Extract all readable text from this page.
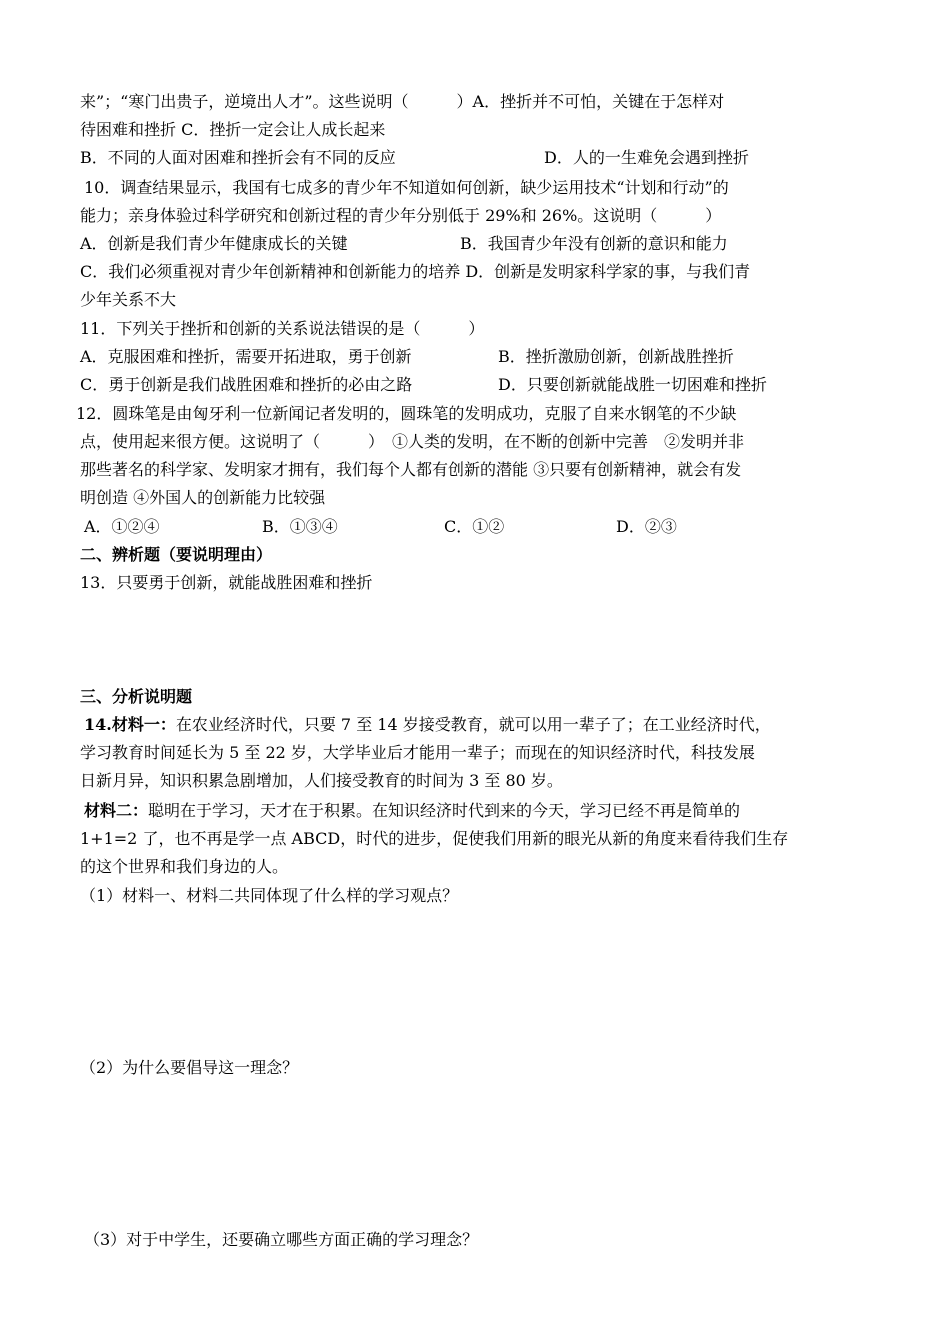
来”；“寒门出贵子，逆境出人才”。这些说明（　　　）A．挫折并不可怕，关键在于怎样对
待困难和挫折 C．挫折一定会让人成长起来
B．不同的人面对困难和挫折会有不同的反应	D．人的一生难免会遇到挫折
10．调查结果显示，我国有七成多的青少年不知道如何创新，缺少运用技术“计划和行动”的
能力；亲身体验过科学研究和创新过程的青少年分别低于 29%和 26%。这说明（　　　）
A．创新是我们青少年健康成长的关键	B．我国青少年没有创新的意识和能力
C．我们必须重视对青少年创新精神和创新能力的培养 D．创新是发明家科学家的事，与我们青
少年关系不大
11．下列关于挫折和创新的关系说法错误的是（　　　）
A．克服困难和挫折，需要开拓进取，勇于创新	B．挫折激励创新，创新战胜挫折
C．勇于创新是我们战胜困难和挫折的必由之路	D．只要创新就能战胜一切困难和挫折
12．圆珠笔是由匈牙利一位新闻记者发明的，圆珠笔的发明成功，克服了自来水钢笔的不少缺
点，使用起来很方便。这说明了（　　　）　①人类的发明，在不断的创新中完善　②发明并非
那些著名的科学家、发明家才拥有，我们每个人都有创新的潜能 ③只要有创新精神，就会有发
明创造 ④外国人的创新能力比较强
A．①②④	B．①③④	C．①②	D．②③
二、辨析题（要说明理由）
13．只要勇于创新，就能战胜困难和挫折
三、分析说明题
14.材料一：在农业经济时代，只要 7 至 14 岁接受教育，就可以用一辈子了；在工业经济时代，
学习教育时间延长为 5 至 22 岁，大学毕业后才能用一辈子；而现在的知识经济时代，科技发展
日新月异，知识积累急剧增加，人们接受教育的时间为 3 至 80 岁。
材料二：聪明在于学习，天才在于积累。在知识经济时代到来的今天，学习已经不再是简单的
1+1=2 了，也不再是学一点 ABCD，时代的进步，促使我们用新的眼光从新的角度来看待我们生存
的这个世界和我们身边的人。
（1）材料一、材料二共同体现了什么样的学习观点？
（2）为什么要倡导这一理念？
（3）对于中学生，还要确立哪些方面正确的学习理念？
